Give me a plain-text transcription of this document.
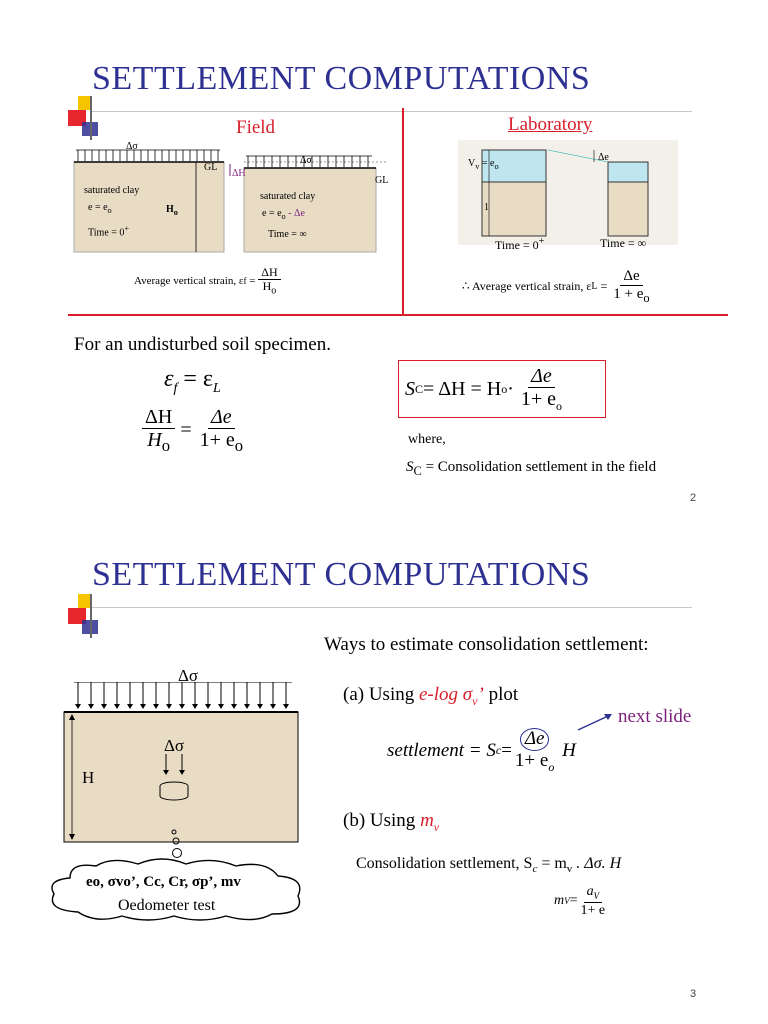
SETTLEMENT COMPUTATIONS
Field
Δσ
Δσ
GL
GL
ΔH
saturated clay
saturated clay
$e = e_o$	$e = e_o - \Delta e$
$H_o$
Time = 0+
Time = ∞
Average vertical strain, ε $f = \frac{\Delta H}{H_o}$
Laboratory
$V_v = e_o$
1
Δe
Time = 0+	Time = ∞
∴ Average vertical strain, ε $L = \frac{\Delta e}{1 + e_o}$
For an undisturbed soil specimen.
$\varepsilon_f = \varepsilon_L$
$\frac{\Delta H}{H_o} = \frac{\Delta e}{1+ e_o}$
S C = ΔH = H $o \cdot \frac{\Delta e}{1+ e_o}$
where,
$S_C$ = Consolidation settlement in the field
2
SETTLEMENT COMPUTATIONS
Ways to estimate consolidation settlement:
Δσ
Δσ
H
eo, σvo’, Cc, Cr, σp’, mv
Oedometer test
(a) Using e-log $\sigma_v$’ plot
next slide
settlement = S $c = \frac{\Delta e}{1+ e_o}$
H
(b) Using $m_v$
Consolidation settlement, $S_c = m_v$ . Δσ. H
m $V = \frac{a_V}{1+ e}$
3
